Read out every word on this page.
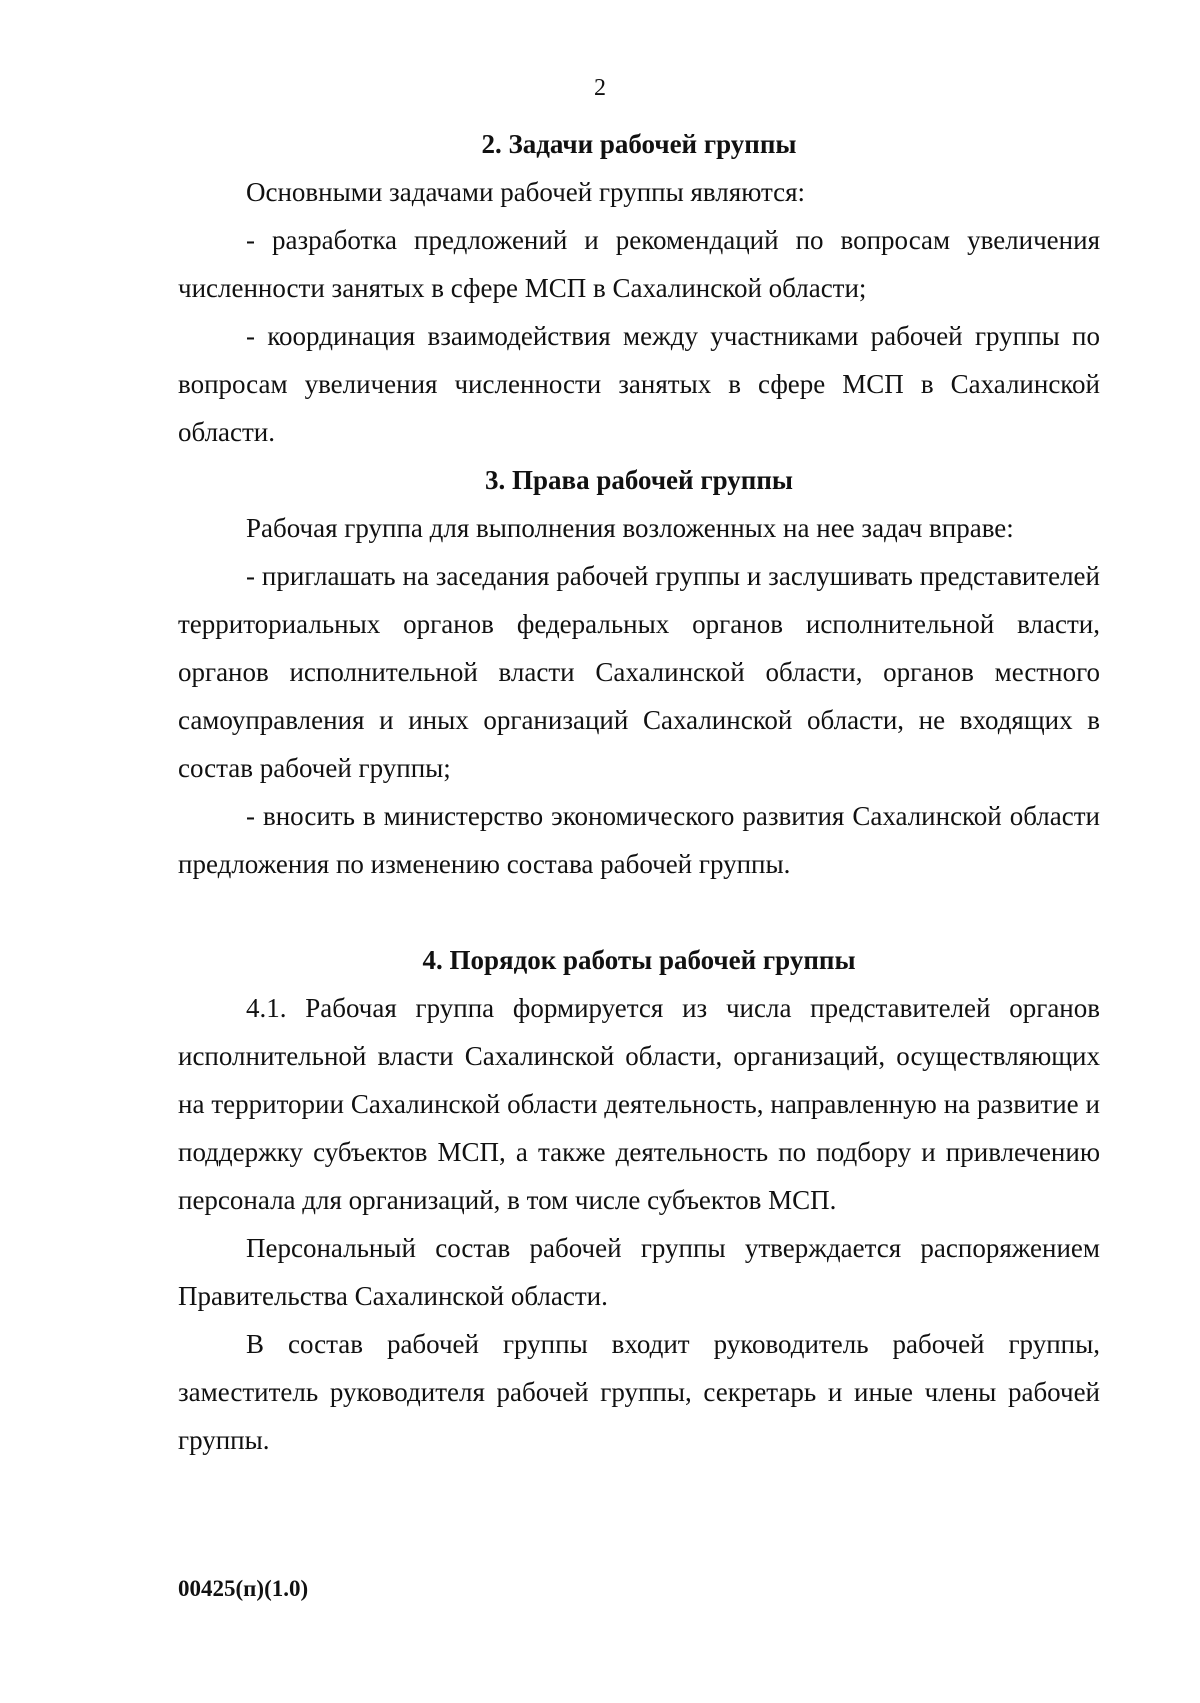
2

2. Задачи рабочей группы

Основными задачами рабочей группы являются:

- разработка предложений и рекомендаций по вопросам увеличения численности занятых в сфере МСП в Сахалинской области;

- координация взаимодействия между участниками рабочей группы по вопросам увеличения численности занятых в сфере МСП в Сахалинской области.

3. Права рабочей группы

Рабочая группа для выполнения возложенных на нее задач вправе:

- приглашать на заседания рабочей группы и заслушивать представителей территориальных органов федеральных органов исполнительной власти, органов исполнительной власти Сахалинской области, органов местного самоуправления и иных организаций Сахалинской области, не входящих в состав рабочей группы;

- вносить в министерство экономического развития Сахалинской области предложения по изменению состава рабочей группы.

4. Порядок работы рабочей группы

4.1. Рабочая группа формируется из числа представителей органов исполнительной власти Сахалинской области, организаций, осуществляющих на территории Сахалинской области деятельность, направленную на развитие и поддержку субъектов МСП, а также деятельность по подбору и привлечению персонала для организаций, в том числе субъектов МСП.

Персональный состав рабочей группы утверждается распоряжением Правительства Сахалинской области.

В состав рабочей группы входит руководитель рабочей группы, заместитель руководителя рабочей группы, секретарь и иные члены рабочей группы.

00425(п)(1.0)
